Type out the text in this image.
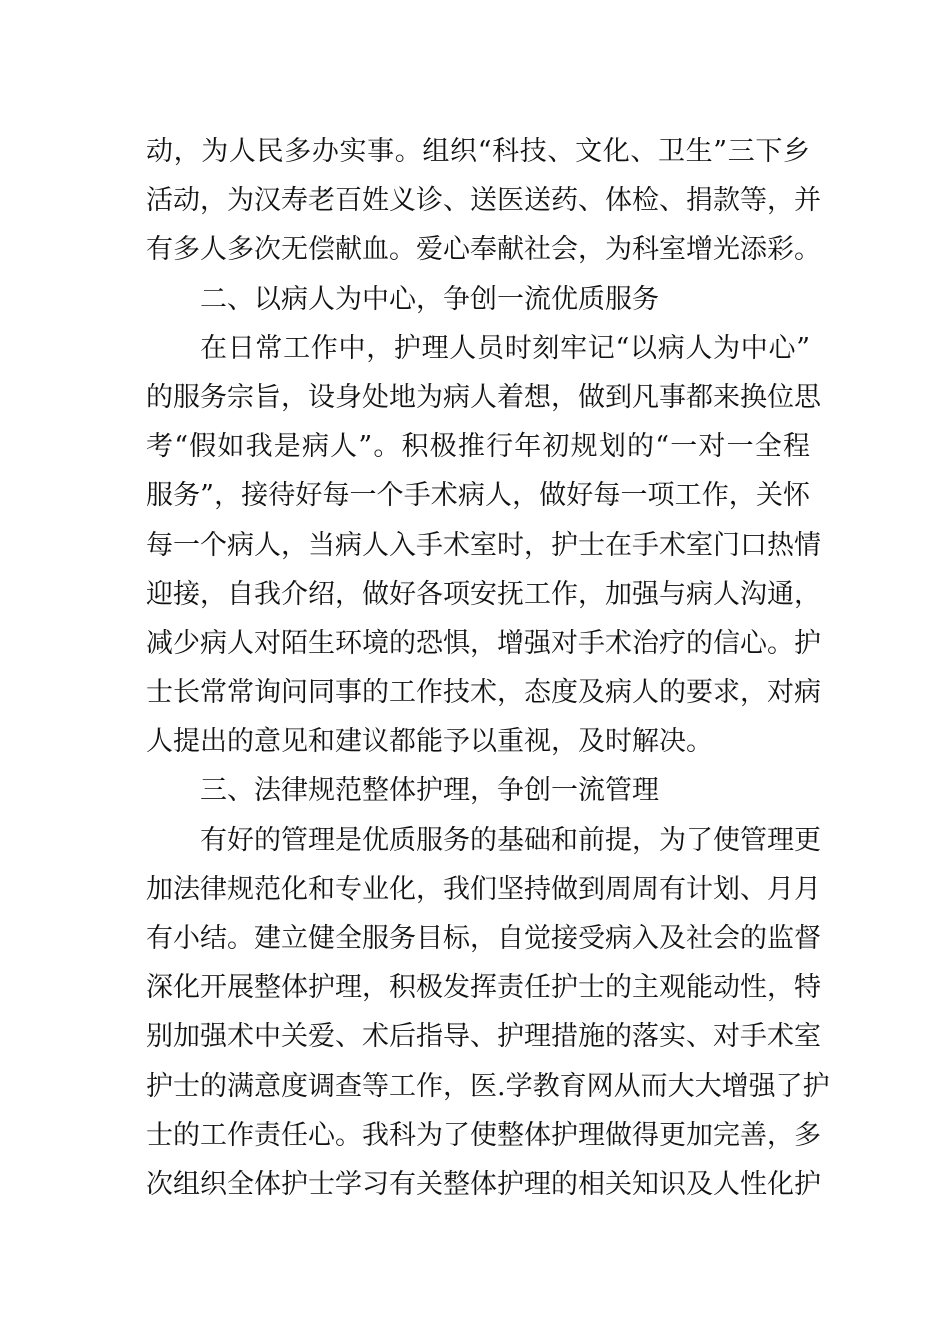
动，为人民多办实事。组织“科技、文化、卫生”三下乡
活动，为汉寿老百姓义诊、送医送药、体检、捐款等，并
有多人多次无偿献血。爱心奉献社会，为科室增光添彩。
二、以病人为中心，争创一流优质服务
在日常工作中，护理人员时刻牢记“以病人为中心”
的服务宗旨，设身处地为病人着想，做到凡事都来换位思
考“假如我是病人”。积极推行年初规划的“一对一全程
服务”，接待好每一个手术病人，做好每一项工作，关怀
每一个病人，当病人入手术室时，护士在手术室门口热情
迎接，自我介绍，做好各项安抚工作，加强与病人沟通，
减少病人对陌生环境的恐惧，增强对手术治疗的信心。护
士长常常询问同事的工作技术，态度及病人的要求，对病
人提出的意见和建议都能予以重视，及时解决。
三、法律规范整体护理，争创一流管理
有好的管理是优质服务的基础和前提，为了使管理更
加法律规范化和专业化，我们坚持做到周周有计划、月月
有小结。建立健全服务目标，自觉接受病入及社会的监督
深化开展整体护理，积极发挥责任护士的主观能动性，特
别加强术中关爱、术后指导、护理措施的落实、对手术室
护士的满意度调查等工作，医.学教育网从而大大增强了护
士的工作责任心。我科为了使整体护理做得更加完善，多
次组织全体护士学习有关整体护理的相关知识及人性化护
